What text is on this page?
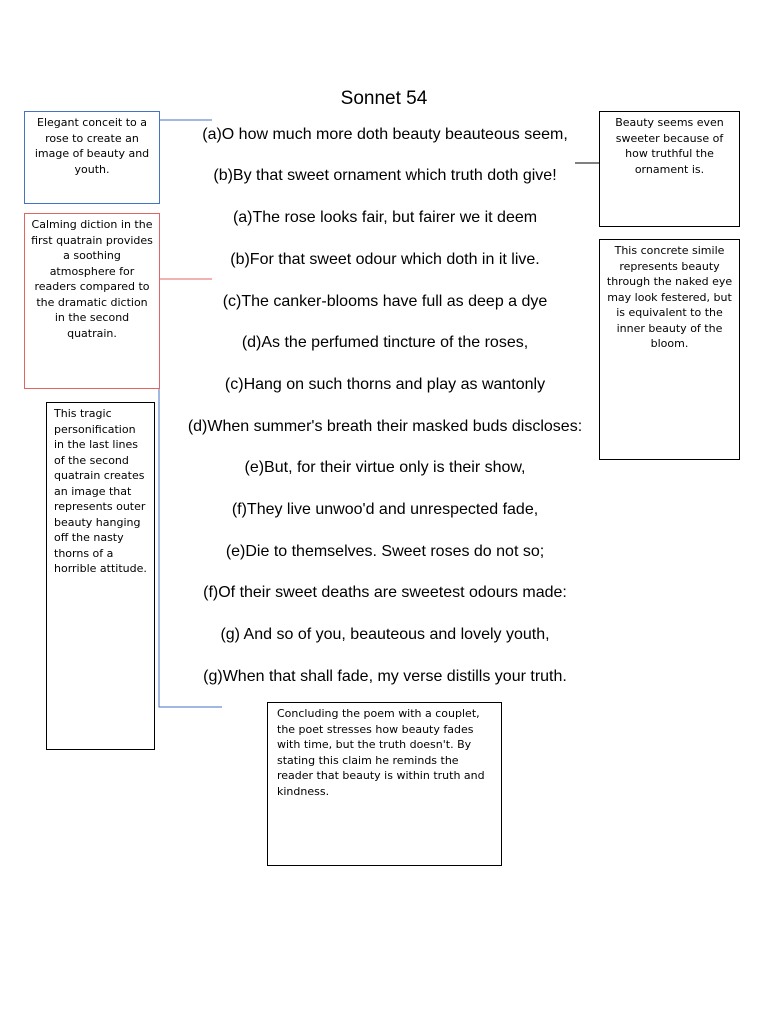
Sonnet 54
(a)O how much more doth beauty beauteous seem,
(b)By that sweet ornament which truth doth give!
(a)The rose looks fair, but fairer we it deem
(b)For that sweet odour which doth in it live.
(c)The canker-blooms have full as deep a dye
(d)As the perfumed tincture of the roses,
(c)Hang on such thorns and play as wantonly
(d)When summer's breath their masked buds discloses:
(e)But, for their virtue only is their show,
(f)They live unwoo'd and unrespected fade,
(e)Die to themselves. Sweet roses do not so;
(f)Of their sweet deaths are sweetest odours made:
(g) And so of you, beauteous and lovely youth,
(g)When that shall fade, my verse distills your truth.
Elegant conceit to a rose to create an image of beauty and youth.
Calming diction in the first quatrain provides a soothing atmosphere for readers compared to the dramatic diction in the second quatrain.
This tragic personification in the last lines of the second quatrain creates an image that represents outer beauty hanging off the nasty thorns of a horrible attitude.
Beauty seems even sweeter because of how truthful the ornament is.
This concrete simile represents beauty through the naked eye may look festered, but is equivalent to the inner beauty of the bloom.
Concluding the poem with a couplet, the poet stresses how beauty fades with time, but the truth doesn't. By stating this claim he reminds the reader that beauty is within truth and kindness.
